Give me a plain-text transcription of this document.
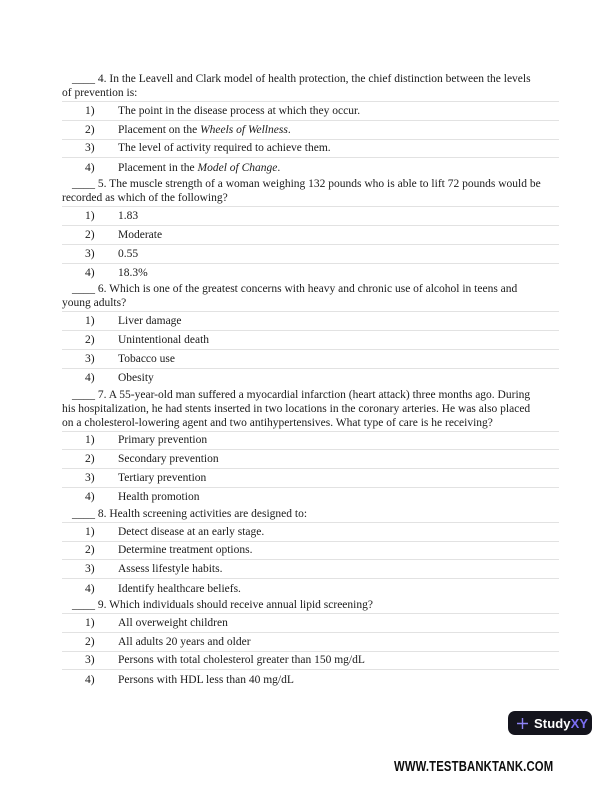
____ 4. In the Leavell and Clark model of health protection, the chief distinction between the levels of prevention is:
1)	The point in the disease process at which they occur.
2)	Placement on the Wheels of Wellness.
3)	The level of activity required to achieve them.
4)	Placement in the Model of Change.
____ 5. The muscle strength of a woman weighing 132 pounds who is able to lift 72 pounds would be recorded as which of the following?
1)	1.83
2)	Moderate
3)	0.55
4)	18.3%
____ 6. Which is one of the greatest concerns with heavy and chronic use of alcohol in teens and young adults?
1)	Liver damage
2)	Unintentional death
3)	Tobacco use
4)	Obesity
____ 7. A 55-year-old man suffered a myocardial infarction (heart attack) three months ago. During his hospitalization, he had stents inserted in two locations in the coronary arteries. He was also placed on a cholesterol-lowering agent and two antihypertensives. What type of care is he receiving?
1)	Primary prevention
2)	Secondary prevention
3)	Tertiary prevention
4)	Health promotion
____ 8. Health screening activities are designed to:
1)	Detect disease at an early stage.
2)	Determine treatment options.
3)	Assess lifestyle habits.
4)	Identify healthcare beliefs.
____ 9. Which individuals should receive annual lipid screening?
1)	All overweight children
2)	All adults 20 years and older
3)	Persons with total cholesterol greater than 150 mg/dL
4)	Persons with HDL less than 40 mg/dL
Study XY
WWW.TESTBANKTANK.COM
